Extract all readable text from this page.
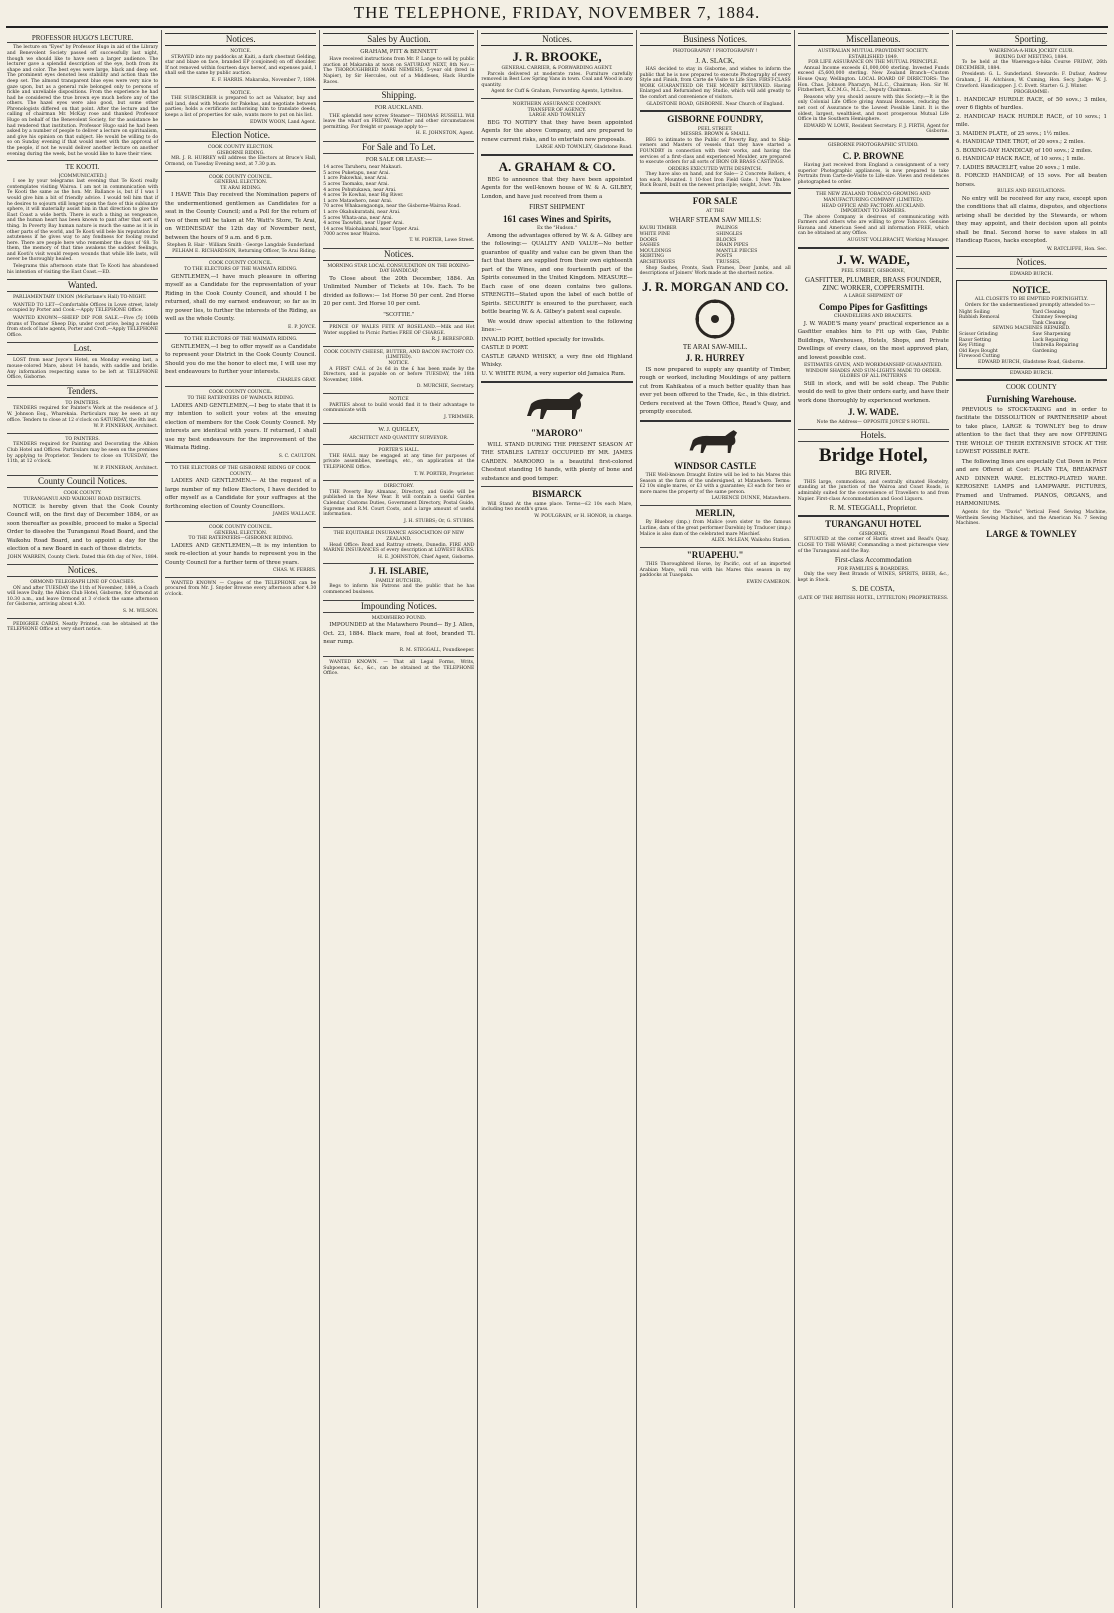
THE TELEPHONE, FRIDAY, NOVEMBER 7, 1884.
PROFESSOR HUGO'S LECTURE.

The lecture on "Eyes" by Professor Hugo in aid of the Library and Benevolent Society passed off successfully last night, though we should like to have seen a larger audience. The lecturer gave a splendid description of the eye, both from its shape and color. The best eyes were large, black and deep set. The prominent eyes denoted less stability and action than the deep set. The almond transparent blue eyes were very nice to gaze upon, but as a general rule belonged only to persons of fickle and unreliable dispositions. From the experience he had had he considered the true brown eye much before any of the others. The hazel eyes were also good, but some other Phrenologists differed on that point. After the lecture and the calling of chairman Mr. McKay rose and thanked Professor Hugo on behalf of the Benevolent Society, for the assistance he had rendered that institution. Professor Hugo said he had been asked by a number of people to deliver a lecture on spiritualism, and give his opinion on that subject. He would be willing to do so on Sunday evening if that would meet with the approval of the people, if not he would deliver another lecture on another evening during the week, but he would like to have their view.

TE KOOTI.
[COMMUNICATED.]

I see by your telegrams last evening that Te Kooti really contemplates visiting Wairoa. I am not in communication with Te Kooti the same as the hon. Mr. Ballance is, but if I was I would give him a bit of friendly advice. I would tell him that if he desires to sojourn still longer upon the face of this sublunary sphere, it will materially assist him in that direction to give the East Coast a wide berth. There is such a thing as vengeance, and the human heart has been known to pant after that sort of thing. In Poverty Bay human nature is much the same as it is in other parts of the world, and Te Kooti will bele his reputation for astuteness if he gives way to any fondness for fooling round here. There are people here who remember the days of '68. To them, the memory of that time awakens the saddest feelings, and Kooti's visit would reopen wounds that while life lasts, will never be thoroughly healed.

Telegrams this afternoon state that Te Kooti has abandoned his intention of visiting the East Coast.—ED.

Wanted.

PARLIAMENTARY UNION (McFarlane's Hall) TO-NIGHT.

WANTED TO LET—Comfortable Offices in Lowe street, lately occupied by Porter and Cook.—Apply TELEPHONE Office.

WANTED KNOWN—SHEEP DIP FOR SALE.—Five (5) 100lb drums of Thomas' Sheep Dip, under cost price, being a residue from stock of late agents, Porter and Croft.—Apply TELEPHONE Office.

Lost.

LOST from near Joyce's Hotel, on Monday evening last, a mouse-colored Mare, about 14 hands, with saddle and bridle. Any information respecting same to be left at TELEPHONE Office, Gisborne.

Tenders.
TO PAINTERS.

TENDERS required for Painter's Work at the residence of J. W. Johnson Esq., Wharekaia. Particulars may be seen at my office. Tenders to close at 12 o'clock on SATURDAY, the 8th inst.

W. P. FINNERAN, Architect.
TO PAINTERS.

TENDERS required for Painting and Decorating the Albion Club Hotel and Offices. Particulars may be seen on the premises by applying to Proprietor. Tenders to close on TUESDAY, the 11th, at 12 o'clock.

W. P. FINNERAN, Architect.
County Council Notices.
COOK COUNTY.
TURANGANUI AND WAIKOHU ROAD DISTRICTS.

NOTICE is hereby given that the Cook County Council will, on the first day of December 1884, or as soon thereafter as possible, proceed to make a Special Order to dissolve the Turanganui Road Board, and the Waikohu Road Board, and to appoint a day for the election of a new Board in each of those districts.

JOHN WARREN, County Clerk. Dated this 6th day of Nov., 1884.
Notices.
ORMOND TELEGRAPH LINE OF COACHES.

ON and after TUESDAY the 11th of November, 1884, a Coach will leave Daily, the Albion Club Hotel, Gisborne, for Ormond at 10.30 a.m., and leave Ormond at 3 o'clock the same afternoon for Gisborne, arriving about 4.30.

S. M. WILSON.

PEDIGREE CARDS, Neatly Printed, can be obtained at the TELEPHONE Office at very short notice.

Notices.
NOTICE.

STRAYED into my paddocks at Kaiti, a dark chestnut Gelding, star and blaze on face, branded EP (conjoined) on off shoulder. If not removed within fourteen days hereof, and expenses paid, I shall sell the same by public auction.

E. F. HARRIS. Makaraka, November 7, 1884.
NOTICE.

THE SUBSCRIBER is prepared to act as Valuator, buy and sell land, deal with Maoris for Pakehas, and negotiate between parties; holds a certificate authorising him to translate deeds, keeps a list of properties for sale, wants more to put on his list.

EDWIN WOON, Land Agent.
Election Notice.
COOK COUNTY ELECTION.
GISBORNE RIDING.

MR. J. R. HURREY will address the Electors at Bruce's Hall, Ormond, on Tuesday Evening next, at 7.30 p.m.

COOK COUNTY COUNCIL.
GENERAL ELECTION.
TE ARAI RIDING.

I HAVE This Day received the Nomination papers of the undermentioned gentlemen as Candidates for a seat in the County Council; and a Poll for the return of two of them will be taken at Mr. Watt's Store, Te Arai, on WEDNESDAY the 12th day of November next, between the hours of 9 a.m. and 6 p.m.

Stephen B. Hair · William Smith · George Langdale Sunderland
PELHAM E. RICHARDSON, Returning Officer, Te Arai Riding.
COOK COUNTY COUNCIL.
TO THE ELECTORS OF THE WAIMATA RIDING.

GENTLEMEN,—I have much pleasure in offering myself as a Candidate for the representation of your Riding in the Cook County Council, and should I be returned, shall do my earnest endeavour, so far as in my power lies, to further the interests of the Riding, as well as the whole County.

E. P. JOYCE.
TO THE ELECTORS OF THE WAIMATA RIDING.

GENTLEMEN,—I beg to offer myself as a Candidate to represent your District in the Cook County Council. Should you do me the honor to elect me, I will use my best endeavours to further your interests.

CHARLES GRAY.
COOK COUNTY COUNCIL.
TO THE RATEPAYERS OF WAIMATA RIDING.

LADIES AND GENTLEMEN,—I beg to state that it is my intention to solicit your votes at the ensuing election of members for the Cook County Council. My interests are identical with yours. If returned, I shall use my best endeavours for the improvement of the Waimata Riding.

S. C. CAULTON.
TO THE ELECTORS OF THE GISBORNE RIDING OF COOK COUNTY.

LADIES AND GENTLEMEN.— At the request of a large number of my fellow Electors, I have decided to offer myself as a Candidate for your suffrages at the forthcoming election of County Councillors.

JAMES WALLACE.
COOK COUNTY COUNCIL.
GENERAL ELECTION.
TO THE RATEPAYERS—GISBORNE RIDING.

LADIES AND GENTLEMEN,—It is my intention to seek re-election at your hands to represent you in the County Council for a further term of three years.

CHAS. W. FERRIS.

WANTED KNOWN — Copies of the TELEPHONE can be procured from Mr. J. Snyder Browne every afternoon after 4.30 o'clock.

Sales by Auction.
GRAHAM, PITT & BENNETT

Have received instructions from Mr. P. Lange to sell by public auction at Makaraka at noon on SATURDAY NEXT, 8th Nov.—The THOROUGHBRED MARE NEMESIS, 5-year old (bred in Napier), by Sir Hercules, out of a Middlesex, Hack Hurdle Races.

Shipping.
FOR AUCKLAND.

THE splendid new screw Steamer— THOMAS RUSSELL Will leave the wharf on FRIDAY, Weather and other circumstances permitting. For freight or passage apply to—

H. E. JOHNSTON, Agent.
For Sale and To Let.
FOR SALE OR LEASE:—
14 acres Taruheru, near Makauri.
5 acres Puketapu, near Arai.
1 acre Pakowhai, near Arai.
5 acres Taomaku, near Arai.
4 acres Pohutukawa, near Arai.
4 acres Te Kowhai, near Big River.
1 acre Matawhero, near Arai.
70 acres Whakaongaonga, near the Gisborne-Wairoa Road.
1 acre Okahukuratahi, near Arai.
5 acres Whata-ana, near Arai.
4 acres Taowhiti, near Upper Arai.
14 acres Waiohakanahi, near Upper Arai.
7000 acres near Wairoa.
T. W. PORTER, Lowe Street.
Notices.
MORNING STAR LOCAL CONSULTATION ON THE BOXING-DAY HANDICAP,

To Close about the 20th December, 1884. An Unlimited Number of Tickets at 10s. Each. To be divided as follows:— 1st Horse 50 per cent. 2nd Horse 20 per cent. 3rd Horse 10 per cent.

"SCOTTIE."

PRINCE OF WALES FETE AT ROSELAND.—Milk and Hot Water supplied to Picnic Parties FREE OF CHARGE.

R. J. BERESFORD.
COOK COUNTY CHEESE, BUTTER, AND BACON FACTORY CO. (LIMITED).
NOTICE.

A FIRST CALL of 2s 6d in the £ has been made by the Directors, and is payable on or before TUESDAY, the 18th November, 1884.

D. MURCHIE, Secretary.
NOTICE

PARTIES about to build would find it to their advantage to communicate with

J. TRIMMER.
W. J. QUIGLEY,
ARCHITECT AND QUANTITY SURVEYOR.
PORTER'S HALL.

THE HALL may be engaged at any time for purposes of private assemblies, meetings, etc., on application at the TELEPHONE Office.

T. W. PORTER, Proprietor.
DIRECTORY.

THE Poverty Bay Almanac, Directory, and Guide will be published in the New Year. It will contain a useful Garden Calendar, Customs Duties, Government Directory, Postal Guide, Supreme and R.M. Court Costs, and a large amount of useful information.

J. H. STUBBS; Or, G. STUBBS.
THE EQUITABLE INSURANCE ASSOCIATION OF NEW ZEALAND.

Head Office: Bond and Rattray streets, Dunedin. FIRE AND MARINE INSURANCES of every description at LOWEST RATES.

H. E. JOHNSTON, Chief Agent, Gisborne.
J. H. ISLABIE,
FAMILY BUTCHER,

Begs to inform his Patrons and the public that he has commenced business.

Impounding Notices.
MATAWHERO POUND.

IMPOUNDED at the Matawhero Pound— By J. Allen, Oct. 23, 1884. Black mare, foal at foot, branded TL near rump.

R. M. STEGGALL, Poundkeeper.

WANTED KNOWN. — That all Legal Forms, Writs, Subpoenas, &c., &c., can be obtained at the TELEPHONE Office.

Notices.
J. R. BROOKE,
GENERAL CARRIER, & FORWARDING AGENT.

Parcels delivered at moderate rates. Furniture carefully removed in Best Low Spring Vans in town. Coal and Wood in any quantity.

Agent for Cuff & Graham, Forwarding Agents, Lyttelton.
NORTHERN ASSURANCE COMPANY.
TRANSFER OF AGENCY.
LARGE AND TOWNLEY

BEG TO NOTIFY that they have been appointed Agents for the above Company, and are prepared to renew current risks, and to entertain new proposals.

LARGE AND TOWNLEY, Gladstone Road.
A. GRAHAM & CO.

BEG to announce that they have been appointed Agents for the well-known house of W. & A. GILBEY, London, and have just received from them a

FIRST SHIPMENT
161 cases Wines and Spirits,
Ex the "Hudson."

Among the advantages offered by W. & A. Gilbey are the following:— QUALITY AND VALUE—No better guarantee of quality and value can be given than the fact that there are supplied from their own eighteenth part of the Wines, and one fourteenth part of the Spirits consumed in the United Kingdom. MEASURE—Each case of one dozen contains two gallons. STRENGTH—Stated upon the label of each bottle of Spirits. SECURITY is ensured to the purchaser, each bottle bearing W. & A. Gilbey's patent seal capsule.

We would draw special attention to the following lines:—

INVALID PORT, bottled specially for invalids.
CASTLE D PORT.
CASTLE GRAND WHISKY, a very fine old Highland Whisky.
U. V. WHITE RUM, a very superior old Jamaica Rum.
"MARORO"

WILL STAND DURING THE PRESENT SEASON AT THE STABLES LATELY OCCUPIED BY MR. JAMES CARDEN. MAROORO is a beautiful first-colored Chestnut standing 16 hands, with plenty of bone and substance and good temper.

BISMARCK

Will Stand At the same place. Terms—£2 10s each Mare, including two month's grass.

W. POULGRAIN, or H. HONOR, in charge.
Business Notices.
PHOTOGRAPHY ! PHOTOGRAPHY !
J. A. SLACK,

HAS decided to stay in Gisborne, and wishes to inform the public that he is now prepared to execute Photography of every Style and Finish, from Carte de Visite to Life Size. FIRST-CLASS WORK GUARANTEED OR THE MONEY RETURNED. Having Enlarged and Refurnished my Studio, which will add greatly to the comfort and convenience of visitors.

GLADSTONE ROAD, GISBORNE. Near Church of England.
GISBORNE FOUNDRY,
PEEL STREET.
MESSRS. BROWN & SMAILL

BEG to intimate to the Public of Poverty Bay, and to Ship-owners and Masters of vessels that they have started a FOUNDRY in connection with their works, and having the services of a first-class and experienced Moulder, are prepared to execute orders for all sorts of IRON OR BRASS CASTINGS.

ORDERS EXECUTED WITH DESPATCH.

They have also on hand, and for Sale— 2 Concrete Rollers, 4 ton each, Mounted. 1 10-foot Iron Field Gate. 1 New Yankee Buck Board, built on the newest principle; weight, 3cwt. 7lb.

FOR SALE
AT THE
WHARF STEAM SAW MILLS:
KAURI TIMBER
WHITE PINE
DOORS
SASHES
MOULDINGS
SKIRTING
ARCHITRAVES
PALINGS
SHINGLES
BLOCKS
DRAIN PIPES
MANTLE PIECES
POSTS
TRUSSES,

Shop Sashes, Fronts, Sash Frames, Door Jambs, and all descriptions of Joiners' Work made at the shortest notice.

J. R. MORGAN AND CO.
TE ARAI SAW-MILL.
J. R. HURREY

IS now prepared to supply any quantity of Timber, rough or worked, including Mouldings of any pattern cut from Kahikatea of a much better quality than has ever yet been offered to the Trade, &c., in this district. Orders received at the Town Office, Read's Quay, and promptly executed.

WINDSOR CASTLE

THE Well-known Draught Entire will be led to his Mares this Season at the farm of the undersigned, at Matawhero. Terms: £2 10s single mares, or £3 with a guarantee; £3 each for two or more mares the property of the same person.

LAURENCE DUNNE, Matawhero.
MERLIN,

By Blueboy (imp.) from Malice (own sister to the famous Lurline, dam of the great performer Darebin) by Traducer (imp.) Malice is also dam of the celebrated mare Mischief.

ALEX. McLEAN, Waikohu Station.
"RUAPEHU."

THIS Thoroughbred Horse, by Pacific, out of an imported Arabian Mare, will run with his Mares this season in my paddocks at Tuaopaka.

EWEN CAMERON.
Miscellaneous.
AUSTRALIAN MUTUAL PROVIDENT SOCIETY.
ESTABLISHED 1849.
FOR LIFE ASSURANCE ON THE MUTUAL PRINCIPLE.

Annual Income exceeds £1,000,000 sterling. Invested Funds exceed £5,600,000 sterling. New Zealand Branch—Custom House Quay, Wellington. LOCAL BOARD OF DIRECTORS: The Hon. Chas. Johnson Pharazyn, M.L.C., Chairman; Hon. Sir W. Fitzherbert, K.C.M.G., M.L.C., Deputy Chairman.

Reasons why you should assure with this Society:—It is the only Colonial Life Office giving Annual Bonuses, reducing the net cost of Assurance to the Lowest Possible Limit. It is the oldest, largest, wealthiest, and most prosperous Mutual Life Office in the Southern Hemisphere.

EDWARD W. LOWE, Resident Secretary. F. J. FIRTH, Agent for Gisborne.
GISBORNE PHOTOGRAPHIC STUDIO.
C. P. BROWNE

Having just received from England a consignment of a very superior Photographic appliances, is now prepared to take Portraits from Carte-de-Visite to Life-size. Views and residences photographed to order.

THE NEW ZEALAND TOBACCO-GROWING AND MANUFACTURING COMPANY (LIMITED).
HEAD OFFICE AND FACTORY: AUCKLAND.
IMPORTANT TO FARMERS.

The above Company is desirous of communicating with Farmers and others who are willing to grow Tobacco. Genuine Havana and American Seed and all information FREE, which can be obtained at any Office.

AUGUST VOLLBRACHT, Working Manager.
J. W. WADE,
PEEL STREET, GISBORNE,
GASFITTER, PLUMBER, BRASS FOUNDER, ZINC WORKER, COPPERSMITH.
A LARGE SHIPMENT OF
Compo Pipes for Gasfittings
CHANDELIERS AND BRACKETS.

J. W. WADE'S many years' practical experience as a Gasfitter enables him to Fit up with Gas, Public Buildings, Warehouses, Hotels, Shops, and Private Dwellings of every class, on the most approved plan, and lowest possible cost.

ESTIMATES GIVEN, AND WORKMANSHIP GUARANTEED.
WINDOW SHADES AND SUN-LIGHTS MADE TO ORDER.
GLOBES OF ALL PATTERNS

Still in stock, and will be sold cheap. The Public would do well to give their orders early, and have their work done thoroughly by experienced workmen.

J. W. WADE.
Note the Address— OPPOSITE JOYCE'S HOTEL.
Hotels.
Bridge Hotel,
BIG RIVER.

THIS large, commodious, and centrally situated Hostelry, standing at the junction of the Wairoa and Coast Roads, is admirably suited for the convenience of Travellers to and from Napier. First-class Accommodation and Good Liquors.

R. M. STEGGALL, Proprietor.
TURANGANUI HOTEL
GISBORNE,

SITUATED at the corner of Harris street and Read's Quay, CLOSE TO THE WHARF, Commanding a most picturesque view of the Turanganui and the Bay.

First-class Accommodation
FOR FAMILIES & BOARDERS.

Only the very Best Brands of WINES, SPIRITS, BEER, &c., kept in Stock.

S. DE COSTA,
(LATE OF THE BRITISH HOTEL, LYTTELTON) PROPRIETRESS.
Sporting.
WAERENGA-A-HIKA JOCKEY CLUB.
BOXING DAY MEETING, 1884.

To be held at the Waerenga-a-hika Course FRIDAY, 26th DECEMBER, 1884.

President: G. L. Sunderland. Stewards: F. Dufaur, Andrew Graham, J. H. Aitchison, W. Cuming, Hon. Secy. Judge: W. J. Crawford. Handicapper: J. C. Evett. Starter: G. J. Winter.

PROGRAMME:
1. HANDICAP HURDLE RACE, of 50 sovs.; 3 miles, over 6 flights of hurdles.
2. HANDICAP HACK HURDLE RACE, of 10 sovs.; 1 mile.
3. MAIDEN PLATE, of 25 sovs.; 1½ miles.
4. HANDICAP TIME TROT, of 20 sovs.; 2 miles.
5. BOXING-DAY HANDICAP, of 100 sovs.; 2 miles.
6. HANDICAP HACK RACE, of 10 sovs.; 1 mile.
7. LADIES BRACELET, value 20 sovs.; 1 mile.
8. FORCED HANDICAP, of 15 sovs. For all beaten horses.
RULES AND REGULATIONS:

No entry will be received for any race, except upon the conditions that all claims, disputes, and objections arising shall be decided by the Stewards, or whom they may appoint, and their decision upon all points shall be final. Second horse to save stakes in all Handicap Races, hacks excepted.

W. RATCLIFFE, Hon. Sec.
Notices.
EDWARD BURCH.
NOTICE.
ALL CLOSETS TO BE EMPTIED FORTNIGHTLY.

Orders for the undermentioned promptly attended to:—

Night Soiling
Rubbish Removal
Yard Cleaning
Chimney Sweeping
Tank Cleaning
SEWING MACHINES REPAIRED.
Scissor Grinding
Razor Setting
Key Fitting
Old Keys Bought
Firewood Cutting
Saw Sharpening
Lock Repairing
Umbrella Repairing
Gardening
EDWARD BURCH, Gladstone Road, Gisborne.
EDWARD BURCH.
COOK COUNTY
Furnishing Warehouse.

PREVIOUS to STOCK-TAKING and in order to facilitate the DISSOLUTION of PARTNERSHIP about to take place, LARGE & TOWNLEY beg to draw attention to the fact that they are now OFFERING THE WHOLE OF THEIR EXTENSIVE STOCK AT THE LOWEST POSSIBLE RATE.

The following lines are especially Cut Down in Price and are Offered at Cost: PLAIN TEA, BREAKFAST AND DINNER WARE. ELECTRO-PLATED WARE. KEROSENE LAMPS and LAMPWARE. PICTURES, Framed and Unframed. PIANOS, ORGANS, and HARMONIUMS.

Agents for the "Davis" Vertical Feed Sewing Machine, Wertheim Sewing Machines, and the American No. 7 Sewing Machines.

LARGE & TOWNLEY
